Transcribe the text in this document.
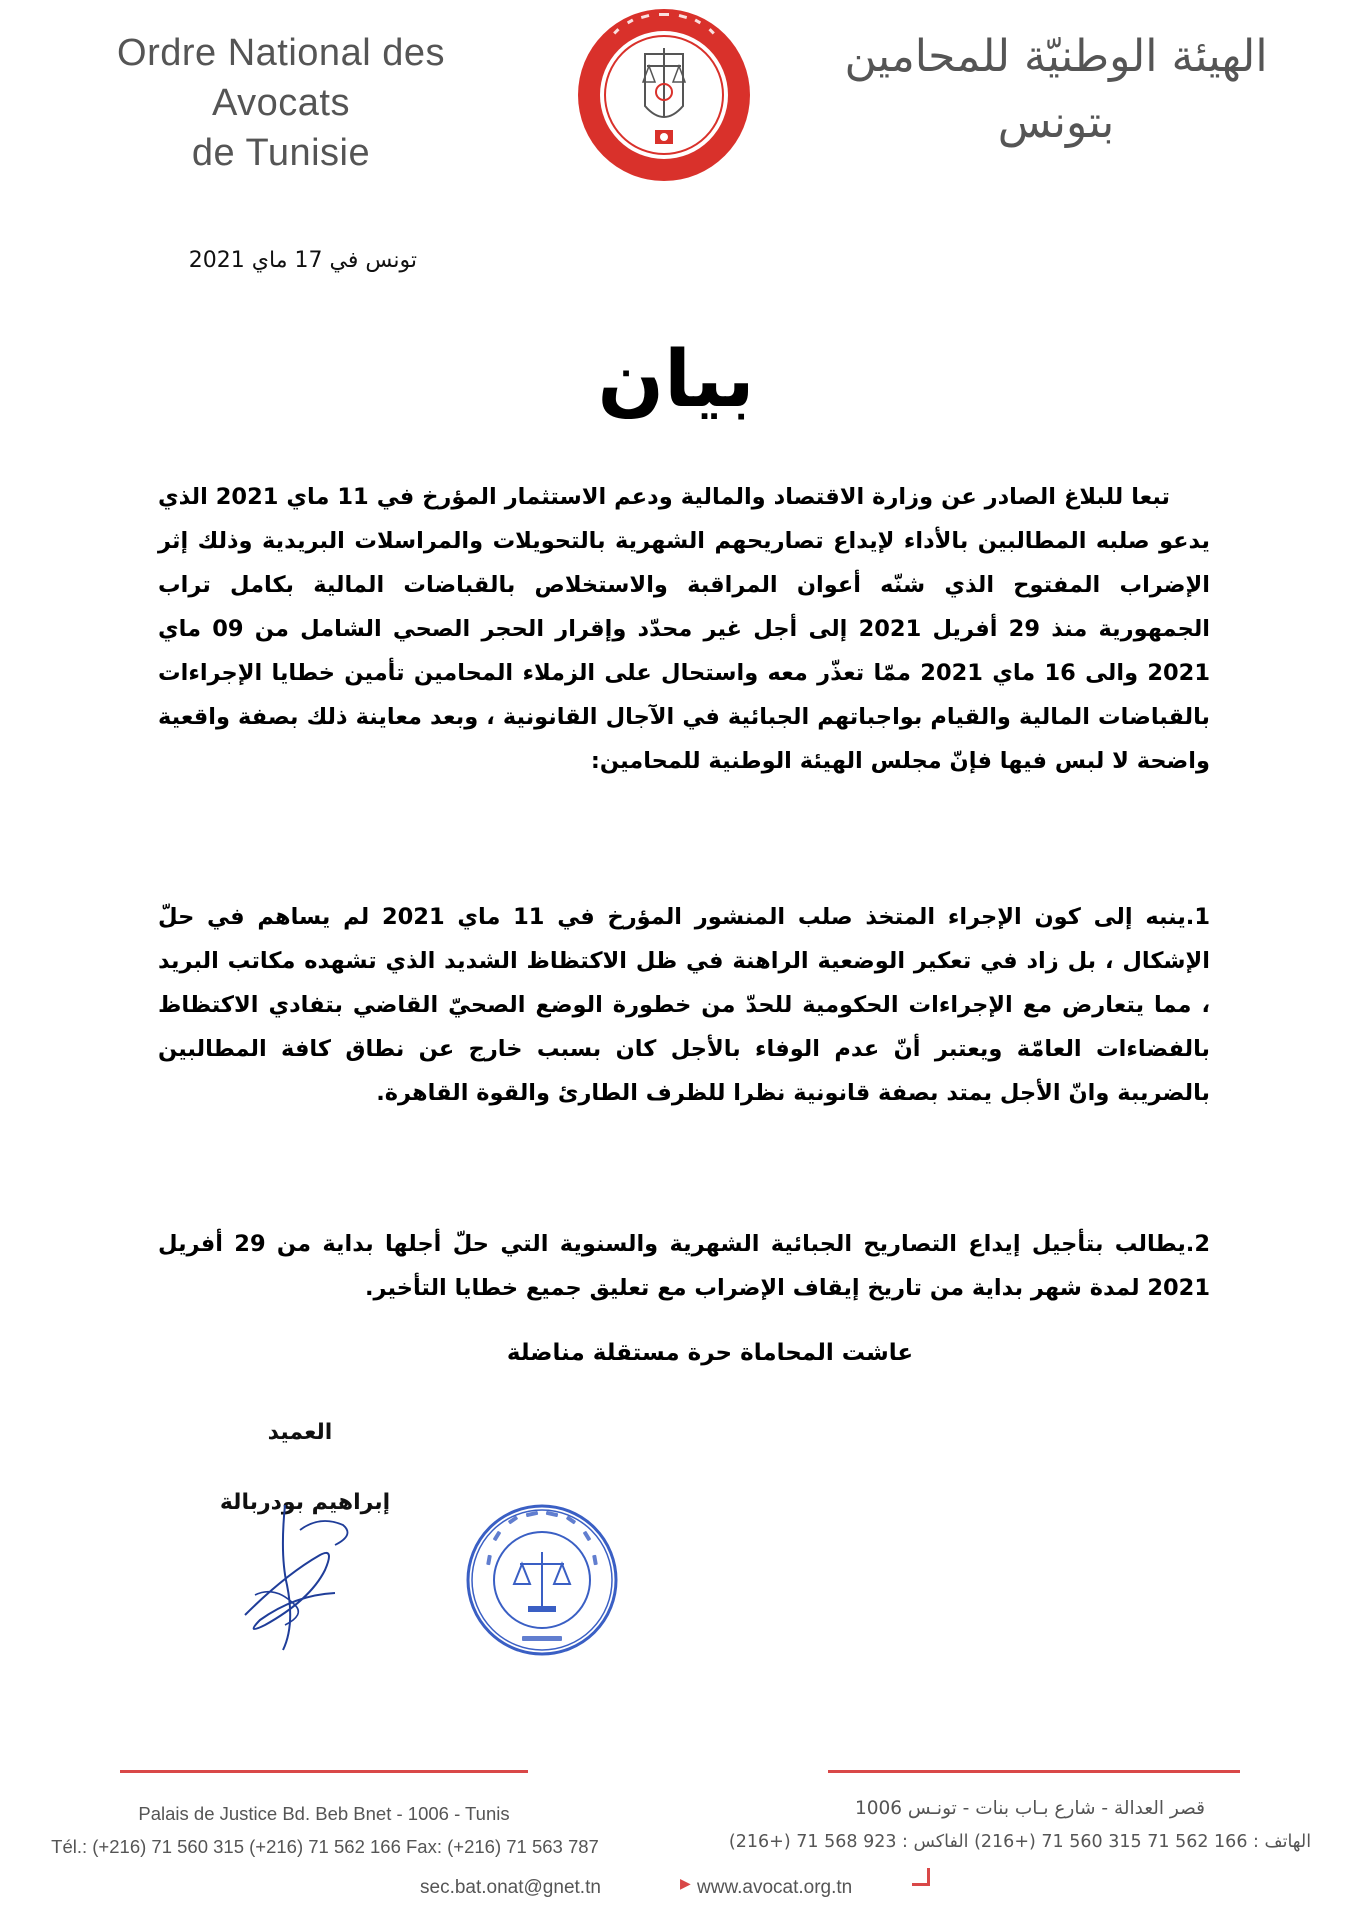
Ordre National des Avocats
de Tunisie
الهيئة الوطنيّة للمحامين
بتونس
تونس في 17 ماي 2021
بيان
تبعا للبلاغ الصادر عن وزارة الاقتصاد والمالية ودعم الاستثمار المؤرخ في 11 ماي 2021 الذي يدعو صلبه المطالبين بالأداء لإيداع تصاريحهم الشهرية بالتحويلات والمراسلات البريدية وذلك إثر الإضراب المفتوح الذي شنّه أعوان المراقبة والاستخلاص بالقباضات المالية بكامل تراب الجمهورية منذ 29 أفريل 2021 إلى أجل غير محدّد وإقرار الحجر الصحي الشامل من 09 ماي 2021 والى 16 ماي 2021 ممّا تعذّر معه واستحال على الزملاء المحامين تأمين خطايا الإجراءات بالقباضات المالية والقيام بواجباتهم الجبائية في الآجال القانونية ، وبعد معاينة ذلك بصفة واقعية واضحة لا لبس فيها فإنّ مجلس الهيئة الوطنية للمحامين:
1.ينبه إلى كون الإجراء المتخذ صلب المنشور المؤرخ في 11 ماي 2021 لم يساهم في حلّ الإشكال ، بل زاد في تعكير الوضعية الراهنة في ظل الاكتظاظ الشديد الذي تشهده مكاتب البريد ، مما يتعارض مع الإجراءات الحكومية للحدّ من خطورة الوضع الصحيّ القاضي بتفادي الاكتظاظ بالفضاءات العامّة ويعتبر أنّ عدم الوفاء بالأجل كان بسبب خارج عن نطاق كافة المطالبين بالضريبة وانّ الأجل يمتد بصفة قانونية نظرا للظرف الطارئ والقوة القاهرة.
2.يطالب بتأجيل إيداع التصاريح الجبائية الشهرية والسنوية التي حلّ أجلها بداية من 29 أفريل 2021 لمدة شهر بداية من تاريخ إيقاف الإضراب مع تعليق جميع خطايا التأخير.
عاشت المحاماة حرة مستقلة مناضلة
العميد
إبراهيم بودربالة
Palais de Justice Bd. Beb Bnet - 1006 - Tunis
Tél.: (+216) 71 560 315 (+216) 71 562 166 Fax: (+216) 71 563 787
قصر العدالة - شارع بـاب بنات - تونـس 1006
الهاتف : 166 562 71 315 560 71 (+216) الفاكس : 923 568 71 (+216)
sec.bat.onat@gnet.tn	▶ www.avocat.org.tn
